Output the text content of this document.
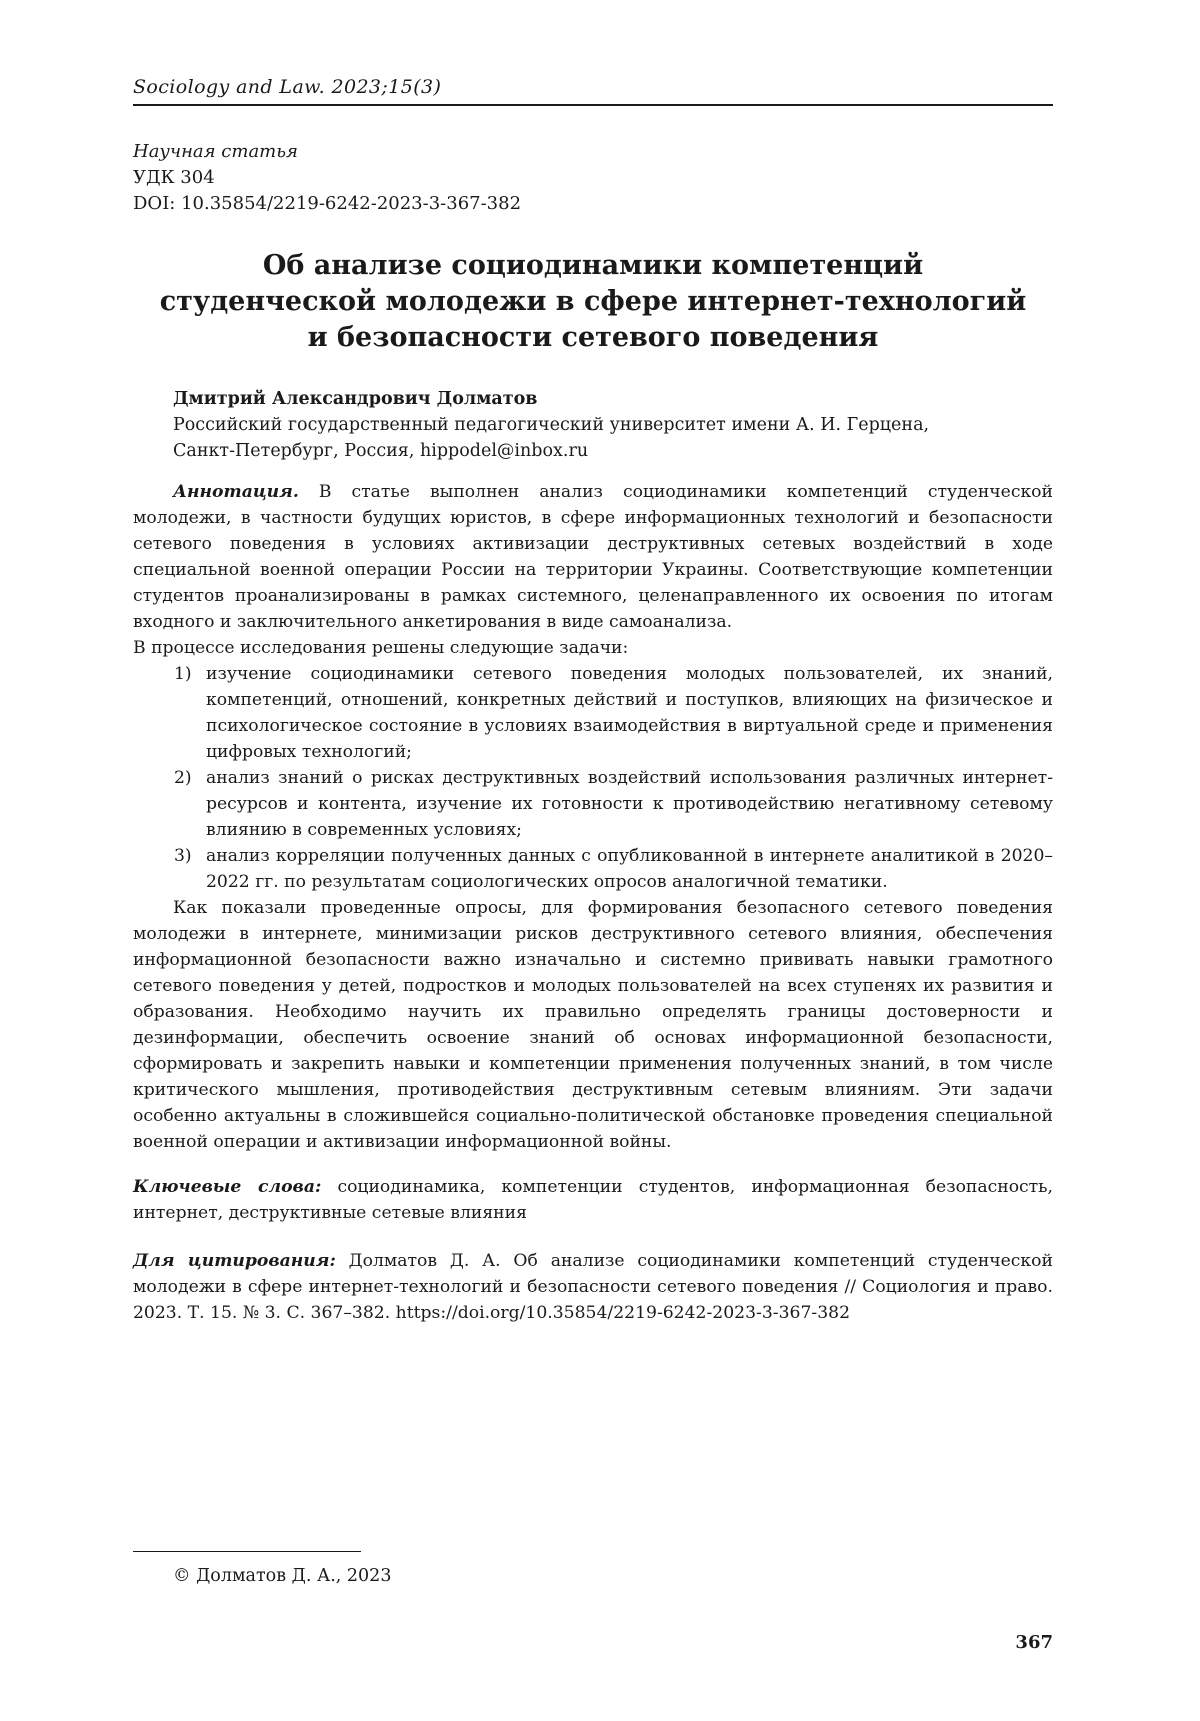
Sociology and Law. 2023;15(3)
Научная статья
УДК 304
DOI: 10.35854/2219-6242-2023-3-367-382
Об анализе социодинамики компетенций
студенческой молодежи в сфере интернет-технологий
и безопасности сетевого поведения
Дмитрий Александрович Долматов
Российский государственный педагогический университет имени А. И. Герцена,
Санкт-Петербург, Россия, hippodel@inbox.ru

Аннотация. В статье выполнен анализ социодинамики компетенций студенческой молодежи, в частности будущих юристов, в сфере информационных технологий и безопасности сетевого поведения в условиях активизации деструктивных сетевых воздействий в ходе специальной военной операции России на территории Украины. Соответствующие компетенции студентов проанализированы в рамках системного, целенаправленного их освоения по итогам входного и заключительного анкетирования в виде самоанализа.

В процессе исследования решены следующие задачи:

1) изучение социодинамики сетевого поведения молодых пользователей, их знаний, компетенций, отношений, конкретных действий и поступков, влияющих на физическое и психологическое состояние в условиях взаимодействия в виртуальной среде и применения цифровых технологий;
2) анализ знаний о рисках деструктивных воздействий использования различных интернет-ресурсов и контента, изучение их готовности к противодействию негативному сетевому влиянию в современных условиях;
3) анализ корреляции полученных данных с опубликованной в интернете аналитикой в 2020–2022 гг. по результатам социологических опросов аналогичной тематики.

Как показали проведенные опросы, для формирования безопасного сетевого поведения молодежи в интернете, минимизации рисков деструктивного сетевого влияния, обеспечения информационной безопасности важно изначально и системно прививать навыки грамотного сетевого поведения у детей, подростков и молодых пользователей на всех ступенях их развития и образования. Необходимо научить их правильно определять границы достоверности и дезинформации, обеспечить освоение знаний об основах информационной безопасности, сформировать и закрепить навыки и компетенции применения полученных знаний, в том числе критического мышления, противодействия деструктивным сетевым влияниям. Эти задачи особенно актуальны в сложившейся социально-политической обстановке проведения специальной военной операции и активизации информационной войны.

Ключевые слова: социодинамика, компетенции студентов, информационная безопасность, интернет, деструктивные сетевые влияния

Для цитирования: Долматов Д. А. Об анализе социодинамики компетенций студенческой молодежи в сфере интернет-технологий и безопасности сетевого поведения // Социология и право. 2023. Т. 15. № 3. С. 367–382. https://doi.org/10.35854/2219-6242-2023-3-367-382

© Долматов Д. А., 2023
367
